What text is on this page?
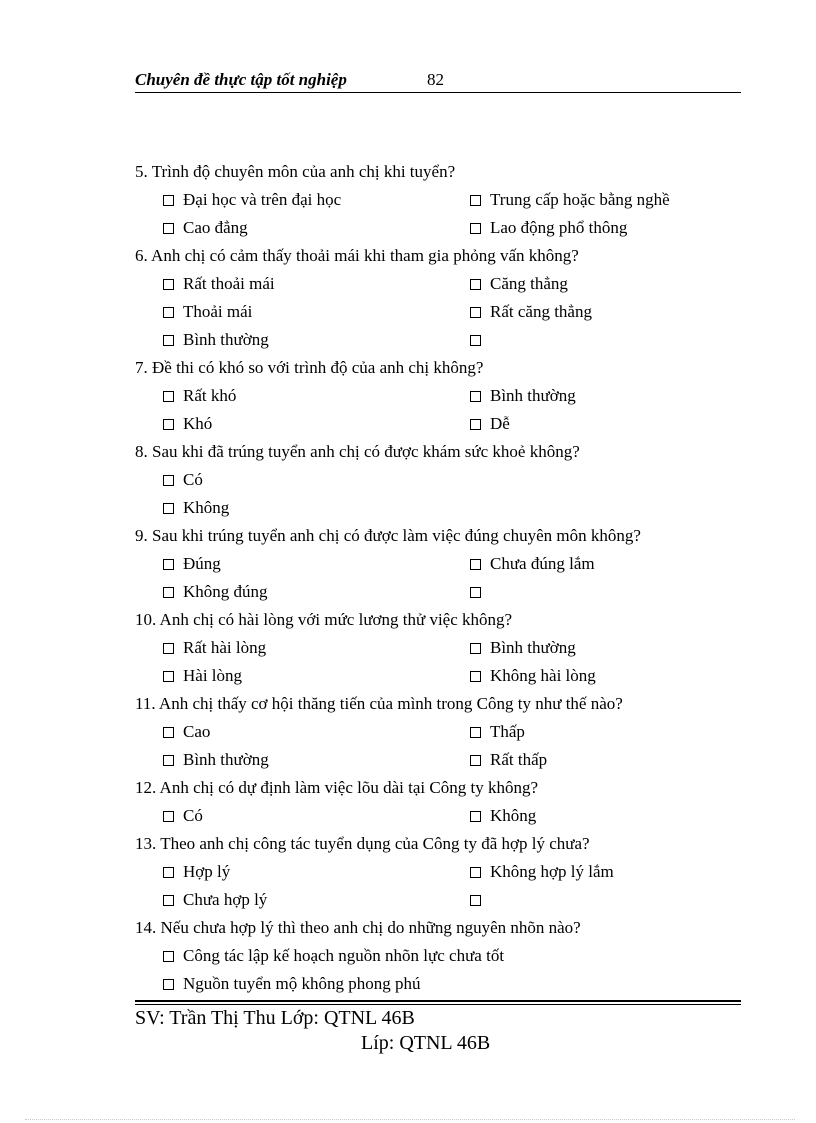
Chuyên đề thực tập tốt nghiệp	82
5. Trình độ chuyên môn của anh chị khi tuyển?
Đại học và trên đại học	Trung cấp hoặc bằng nghề
Cao đẳng	Lao động phổ thông
6. Anh chị có cảm thấy thoải mái khi tham gia phỏng vấn không?
Rất thoải mái	Căng thẳng
Thoải mái	Rất căng thẳng
Bình thường
7. Đề thi có khó so với trình độ của anh chị không?
Rất khó	Bình thường
Khó	Dễ
8. Sau khi đã trúng tuyển anh chị có được khám sức khoẻ không?
Có
Không
9. Sau khi trúng tuyển anh chị có được làm việc đúng chuyên môn không?
Đúng	Chưa đúng lắm
Không đúng
10. Anh chị có hài lòng với mức lương thử việc không?
Rất hài lòng	Bình thường
Hài lòng	Không hài lòng
11. Anh chị thấy cơ hội thăng tiến của mình trong Công ty như thế nào?
Cao	Thấp
Bình thường	Rất thấp
12. Anh chị có dự định làm việc lõu dài tại Công ty không?
Có	Không
13. Theo anh chị công tác tuyển dụng của Công ty đã hợp lý chưa?
Hợp lý	Không hợp lý lắm
Chưa hợp lý
14. Nếu chưa hợp lý thì theo anh chị do những nguyên nhõn nào?
Công tác lập kế hoạch nguồn nhõn lực chưa tốt
Nguồn tuyển mộ không phong phú
SV: Trần Thị Thu Lớp: QTNL 46B
Líp: QTNL 46B
